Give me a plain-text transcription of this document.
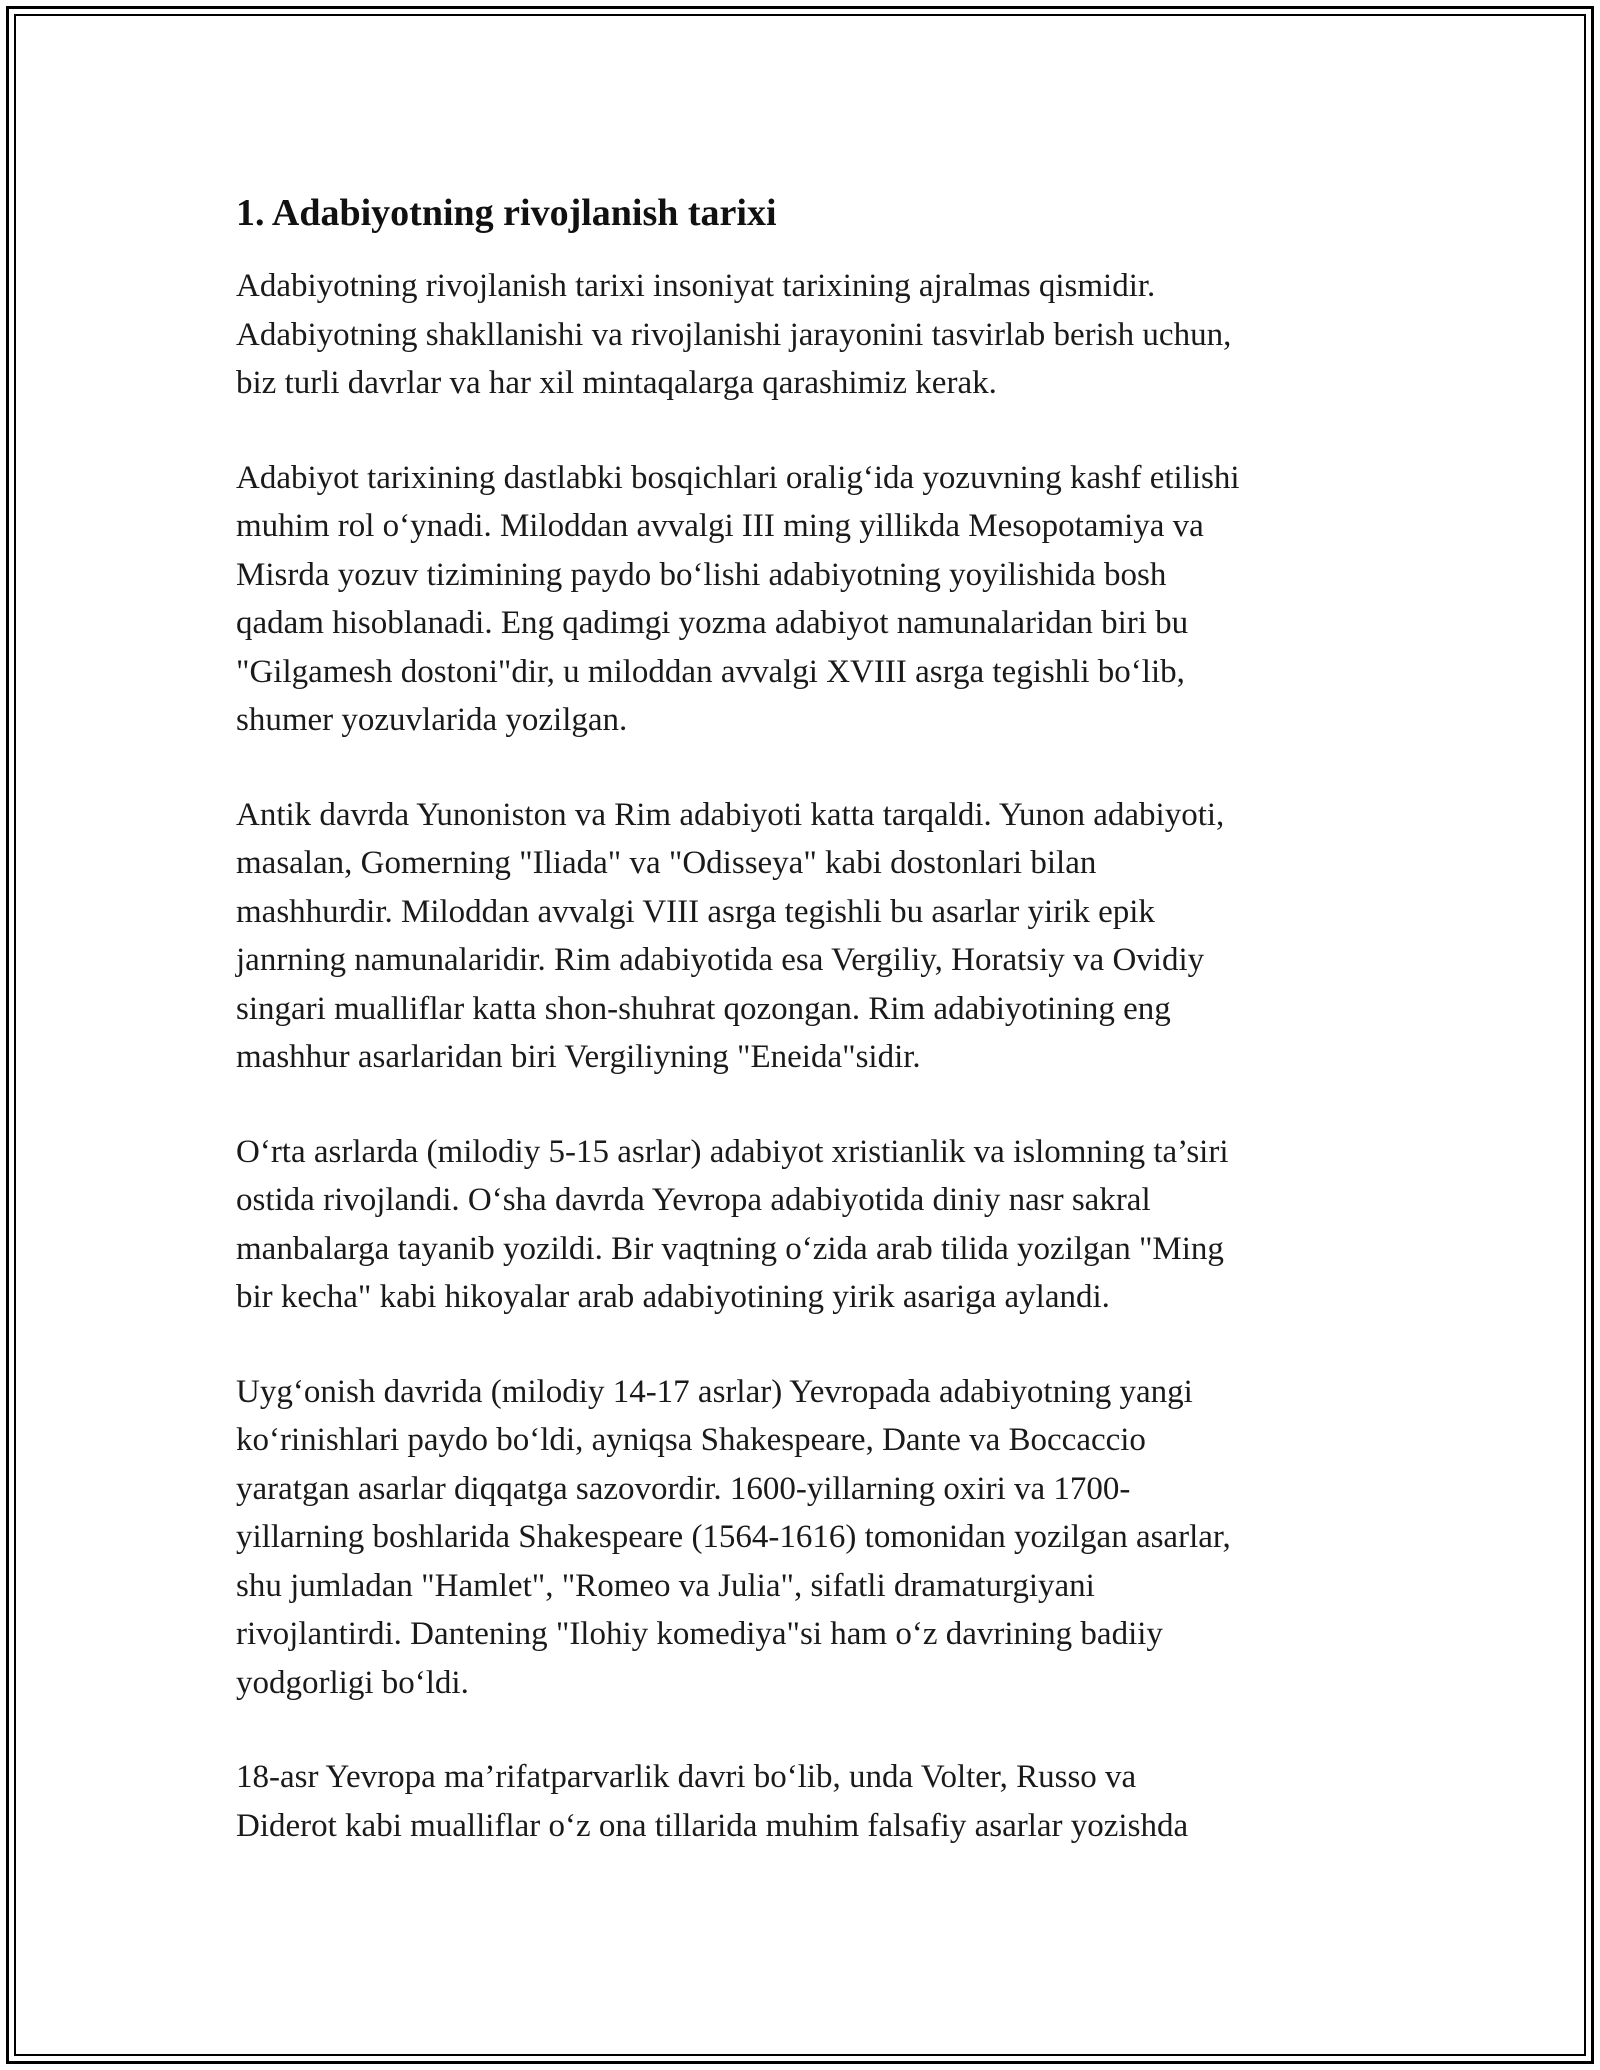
1. Adabiyotning rivojlanish tarixi

Adabiyotning rivojlanish tarixi insoniyat tarixining ajralmas qismidir.
Adabiyotning shakllanishi va rivojlanishi jarayonini tasvirlab berish uchun,
biz turli davrlar va har xil mintaqalarga qarashimiz kerak.

Adabiyot tarixining dastlabki bosqichlari oralig‘ida yozuvning kashf etilishi
muhim rol o‘ynadi. Miloddan avvalgi III ming yillikda Mesopotamiya va
Misrda yozuv tizimining paydo bo‘lishi adabiyotning yoyilishida bosh
qadam hisoblanadi. Eng qadimgi yozma adabiyot namunalaridan biri bu
"Gilgamesh dostoni"dir, u miloddan avvalgi XVIII asrga tegishli bo‘lib,
shumer yozuvlarida yozilgan.

Antik davrda Yunoniston va Rim adabiyoti katta tarqaldi. Yunon adabiyoti,
masalan, Gomerning "Iliada" va "Odisseya" kabi dostonlari bilan
mashhurdir. Miloddan avvalgi VIII asrga tegishli bu asarlar yirik epik
janrning namunalaridir. Rim adabiyotida esa Vergiliy, Horatsiy va Ovidiy
singari mualliflar katta shon-shuhrat qozongan. Rim adabiyotining eng
mashhur asarlaridan biri Vergiliyning "Eneida"sidir.

O‘rta asrlarda (milodiy 5-15 asrlar) adabiyot xristianlik va islomning ta’siri
ostida rivojlandi. O‘sha davrda Yevropa adabiyotida diniy nasr sakral
manbalarga tayanib yozildi. Bir vaqtning o‘zida arab tilida yozilgan "Ming
bir kecha" kabi hikoyalar arab adabiyotining yirik asariga aylandi.

Uyg‘onish davrida (milodiy 14-17 asrlar) Yevropada adabiyotning yangi
ko‘rinishlari paydo bo‘ldi, ayniqsa Shakespeare, Dante va Boccaccio
yaratgan asarlar diqqatga sazovordir. 1600-yillarning oxiri va 1700-
yillarning boshlarida Shakespeare (1564-1616) tomonidan yozilgan asarlar,
shu jumladan "Hamlet", "Romeo va Julia", sifatli dramaturgiyani
rivojlantirdi. Dantening "Ilohiy komediya"si ham o‘z davrining badiiy
yodgorligi bo‘ldi.

18-asr Yevropa ma’rifatparvarlik davri bo‘lib, unda Volter, Russo va
Diderot kabi mualliflar o‘z ona tillarida muhim falsafiy asarlar yozishda
